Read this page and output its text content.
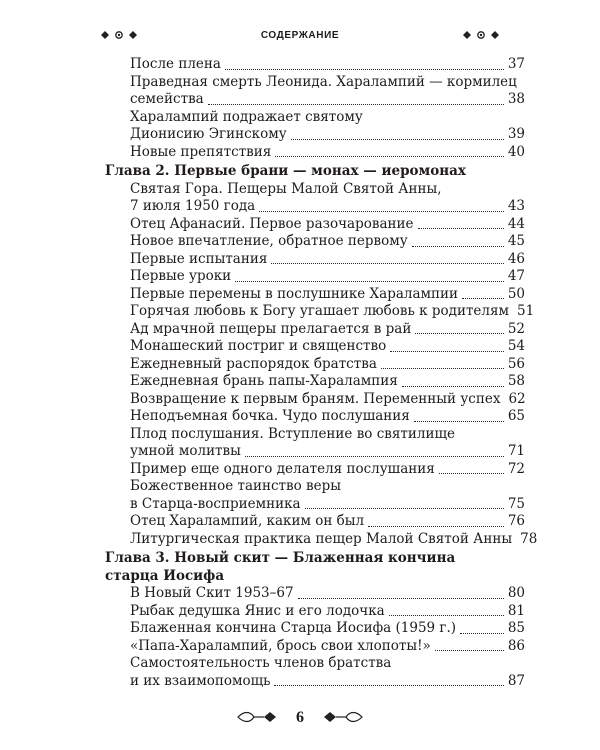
СОДЕРЖАНИЕ
После плена	37
Праведная смерть Леонида. Харалампий — кормилец
семейства	38
Харалампий подражает святому
Дионисию Эгинскому	39
Новые препятствия	40
Глава 2. Первые брани — монах — иеромонах
Святая Гора. Пещеры Малой Святой Анны,
7 июля 1950 года	43
Отец Афанасий. Первое разочарование	44
Новое впечатление, обратное первому	45
Первые испытания	46
Первые уроки	47
Первые перемены в послушнике Харалампии	50
Горячая любовь к Богу угашает любовь к родителям 51
Ад мрачной пещеры прелагается в рай	52
Монашеский постриг и священство	54
Ежедневный распорядок братства	56
Ежедневная брань папы-Харалампия	58
Возвращение к первым браням. Переменный успех 62
Неподъемная бочка. Чудо послушания	65
Плод послушания. Вступление во святилище
умной молитвы	71
Пример еще одного делателя послушания	72
Божественное таинство веры
в Старца-восприемника	75
Отец Харалампий, каким он был	76
Литургическая практика пещер Малой Святой Анны 78
Глава 3. Новый скит — Блаженная кончина
старца Иосифа
В Новый Скит 1953–67	80
Рыбак дедушка Янис и его лодочка	81
Блаженная кончина Старца Иосифа (1959 г.)	85
«Папа-Харалампий, брось свои хлопоты!»	86
Самостоятельность членов братства
и их взаимопомощь	87
6
